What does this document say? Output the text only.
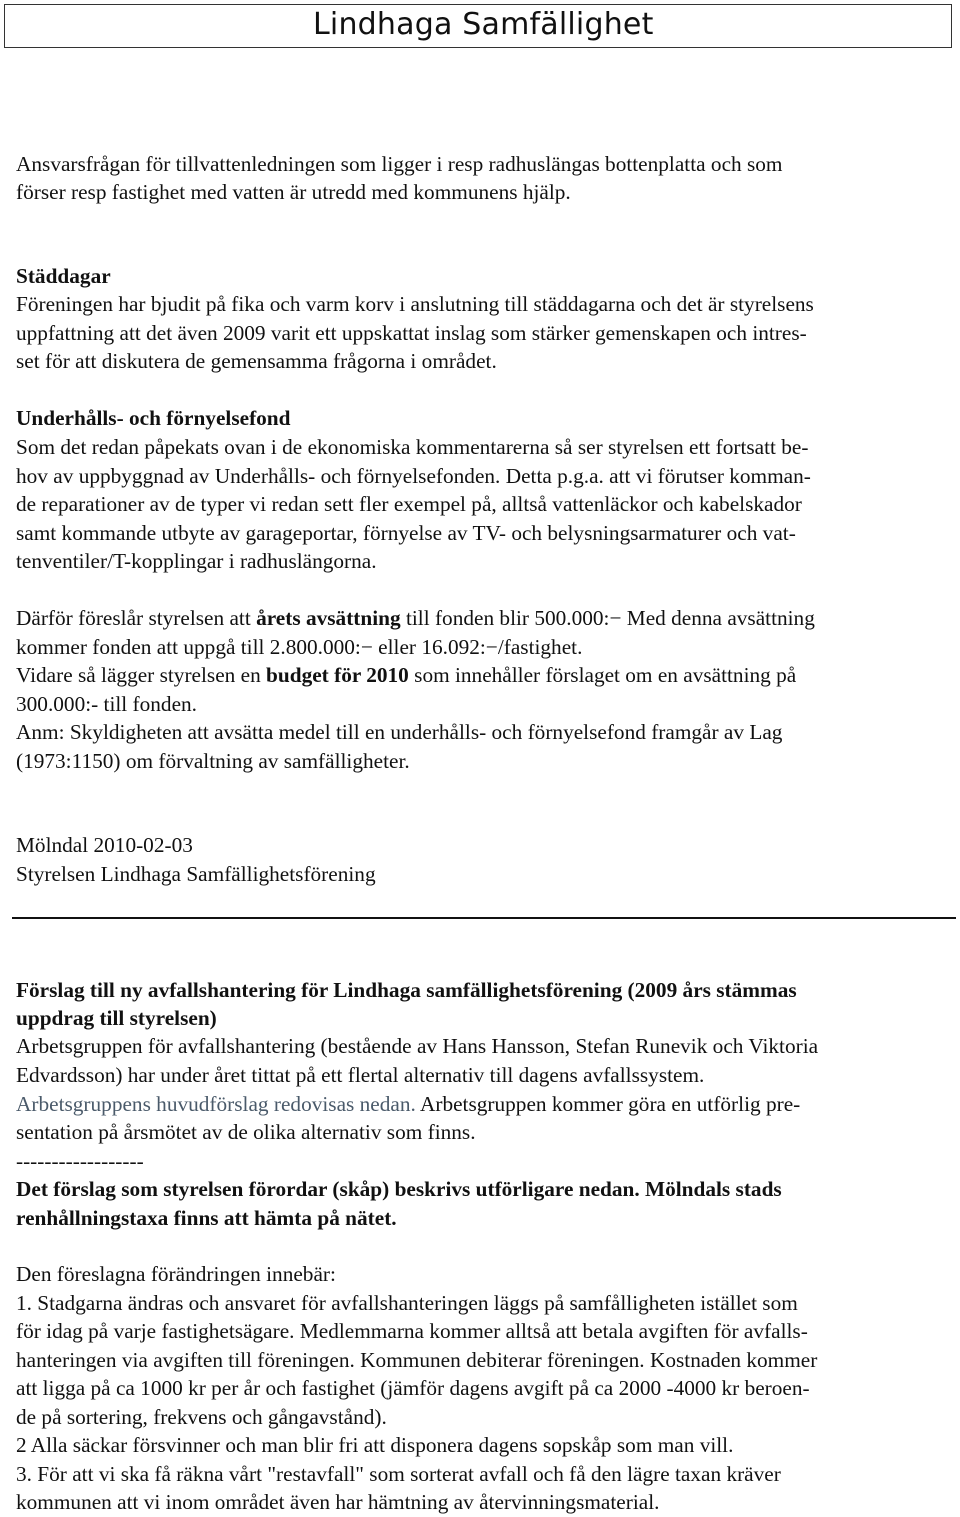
Lindhaga Samfällighet
Ansvarsfrågan för tillvattenledningen som ligger i resp radhuslängas bottenplatta och som
förser resp fastighet med vatten är utredd med kommunens hjälp.
Städdagar
Föreningen har bjudit på fika och varm korv i anslutning till städdagarna och det är styrelsens
uppfattning att det även 2009 varit ett uppskattat inslag som stärker gemenskapen och intres-
set för att diskutera de gemensamma frågorna i området.
Underhålls- och förnyelsefond
Som det redan påpekats ovan i de ekonomiska kommentarerna så ser styrelsen ett fortsatt be-
hov av uppbyggnad av Underhålls- och förnyelsefonden. Detta p.g.a. att vi förutser komman-
de reparationer av de typer vi redan sett fler exempel på, alltså vattenläckor och kabelskador
samt kommande utbyte av garageportar, förnyelse av TV- och belysningsarmaturer och vat-
tenventiler/T-kopplingar i radhuslängorna.
Därför föreslår styrelsen att årets avsättning till fonden blir 500.000:− Med denna avsättning
kommer fonden att uppgå till 2.800.000:− eller 16.092:−/fastighet.
Vidare så lägger styrelsen en budget för 2010 som innehåller förslaget om en avsättning på
300.000:- till fonden.
Anm: Skyldigheten att avsätta medel till en underhålls- och förnyelsefond framgår av Lag
(1973:1150) om förvaltning av samfälligheter.
Mölndal 2010-02-03
Styrelsen Lindhaga Samfällighetsförening
Förslag till ny avfallshantering för Lindhaga samfällighetsförening (2009 års stämmas
uppdrag till styrelsen)
Arbetsgruppen för avfallshantering (bestående av Hans Hansson, Stefan Runevik och Viktoria
Edvardsson) har under året tittat på ett flertal alternativ till dagens avfallssystem.
Arbetsgruppens huvudförslag redovisas nedan. Arbetsgruppen kommer göra en utförlig pre-
sentation på årsmötet av de olika alternativ som finns.
------------------
Det förslag som styrelsen förordar (skåp) beskrivs utförligare nedan. Mölndals stads
renhållningstaxa finns att hämta på nätet.
Den föreslagna förändringen innebär:
1. Stadgarna ändras och ansvaret för avfallshanteringen läggs på samfålligheten istället som
för idag på varje fastighetsägare. Medlemmarna kommer alltså att betala avgiften för avfalls-
hanteringen via avgiften till föreningen. Kommunen debiterar föreningen. Kostnaden kommer
att ligga på ca 1000 kr per år och fastighet (jämför dagens avgift på ca 2000 -4000 kr beroen-
de på sortering, frekvens och gångavstånd).
2 Alla säckar försvinner och man blir fri att disponera dagens sopskåp som man vill.
3. För att vi ska få räkna vårt "restavfall" som sorterat avfall och få den lägre taxan kräver
kommunen att vi inom området även har hämtning av återvinningsmaterial.
